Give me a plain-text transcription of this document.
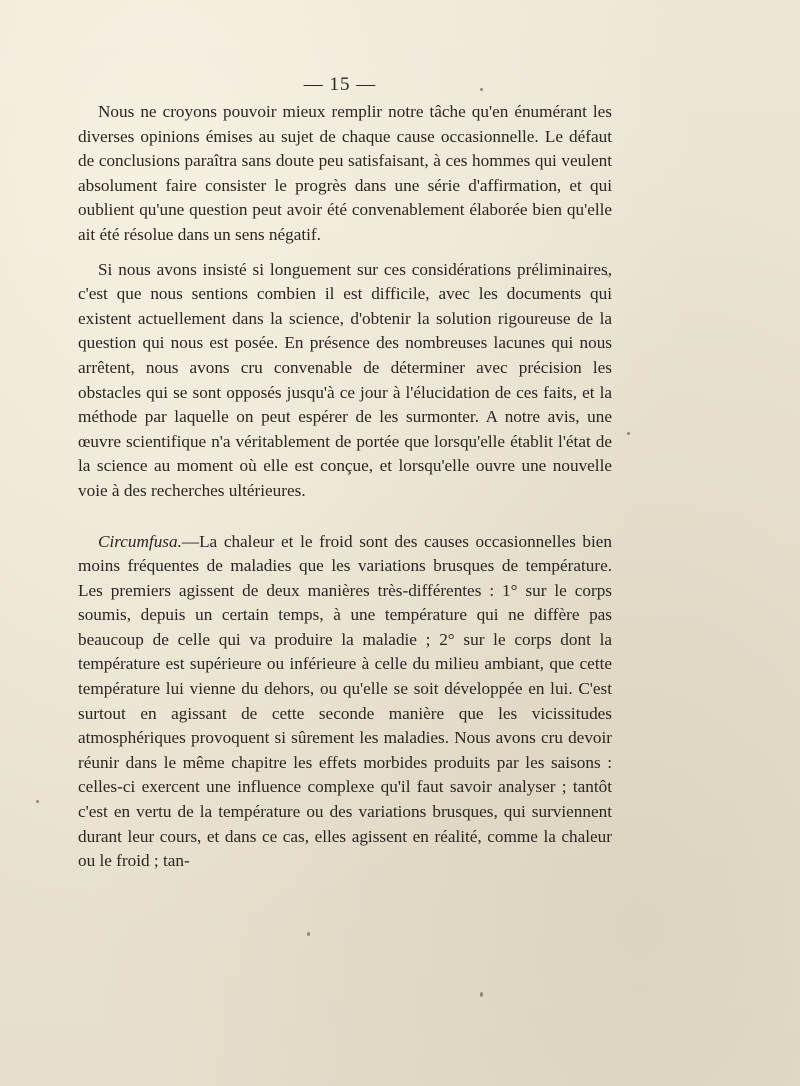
— 15 —

Nous ne croyons pouvoir mieux remplir notre tâche qu'en énumérant les diverses opinions émises au sujet de chaque cause occasionnelle. Le défaut de conclusions paraîtra sans doute peu satisfaisant, à ces hommes qui veulent absolument faire consister le progrès dans une série d'affirmation, et qui oublient qu'une question peut avoir été convenablement élaborée bien qu'elle ait été résolue dans un sens négatif.

Si nous avons insisté si longuement sur ces considérations préliminaires, c'est que nous sentions combien il est difficile, avec les documents qui existent actuellement dans la science, d'obtenir la solution rigoureuse de la question qui nous est posée. En présence des nombreuses lacunes qui nous arrêtent, nous avons cru convenable de déterminer avec précision les obstacles qui se sont opposés jusqu'à ce jour à l'élucidation de ces faits, et la méthode par laquelle on peut espérer de les surmonter. A notre avis, une œuvre scientifique n'a véritablement de portée que lorsqu'elle établit l'état de la science au moment où elle est conçue, et lorsqu'elle ouvre une nouvelle voie à des recherches ultérieures.

Circumfusa.—La chaleur et le froid sont des causes occasionnelles bien moins fréquentes de maladies que les variations brusques de température. Les premiers agissent de deux manières très-différentes : 1° sur le corps soumis, depuis un certain temps, à une température qui ne diffère pas beaucoup de celle qui va produire la maladie ; 2° sur le corps dont la température est supérieure ou inférieure à celle du milieu ambiant, que cette température lui vienne du dehors, ou qu'elle se soit développée en lui. C'est surtout en agissant de cette seconde manière que les vicissitudes atmosphériques provoquent si sûrement les maladies. Nous avons cru devoir réunir dans le même chapitre les effets morbides produits par les saisons : celles-ci exercent une influence complexe qu'il faut savoir analyser ; tantôt c'est en vertu de la température ou des variations brusques, qui surviennent durant leur cours, et dans ce cas, elles agissent en réalité, comme la chaleur ou le froid ; tan-
